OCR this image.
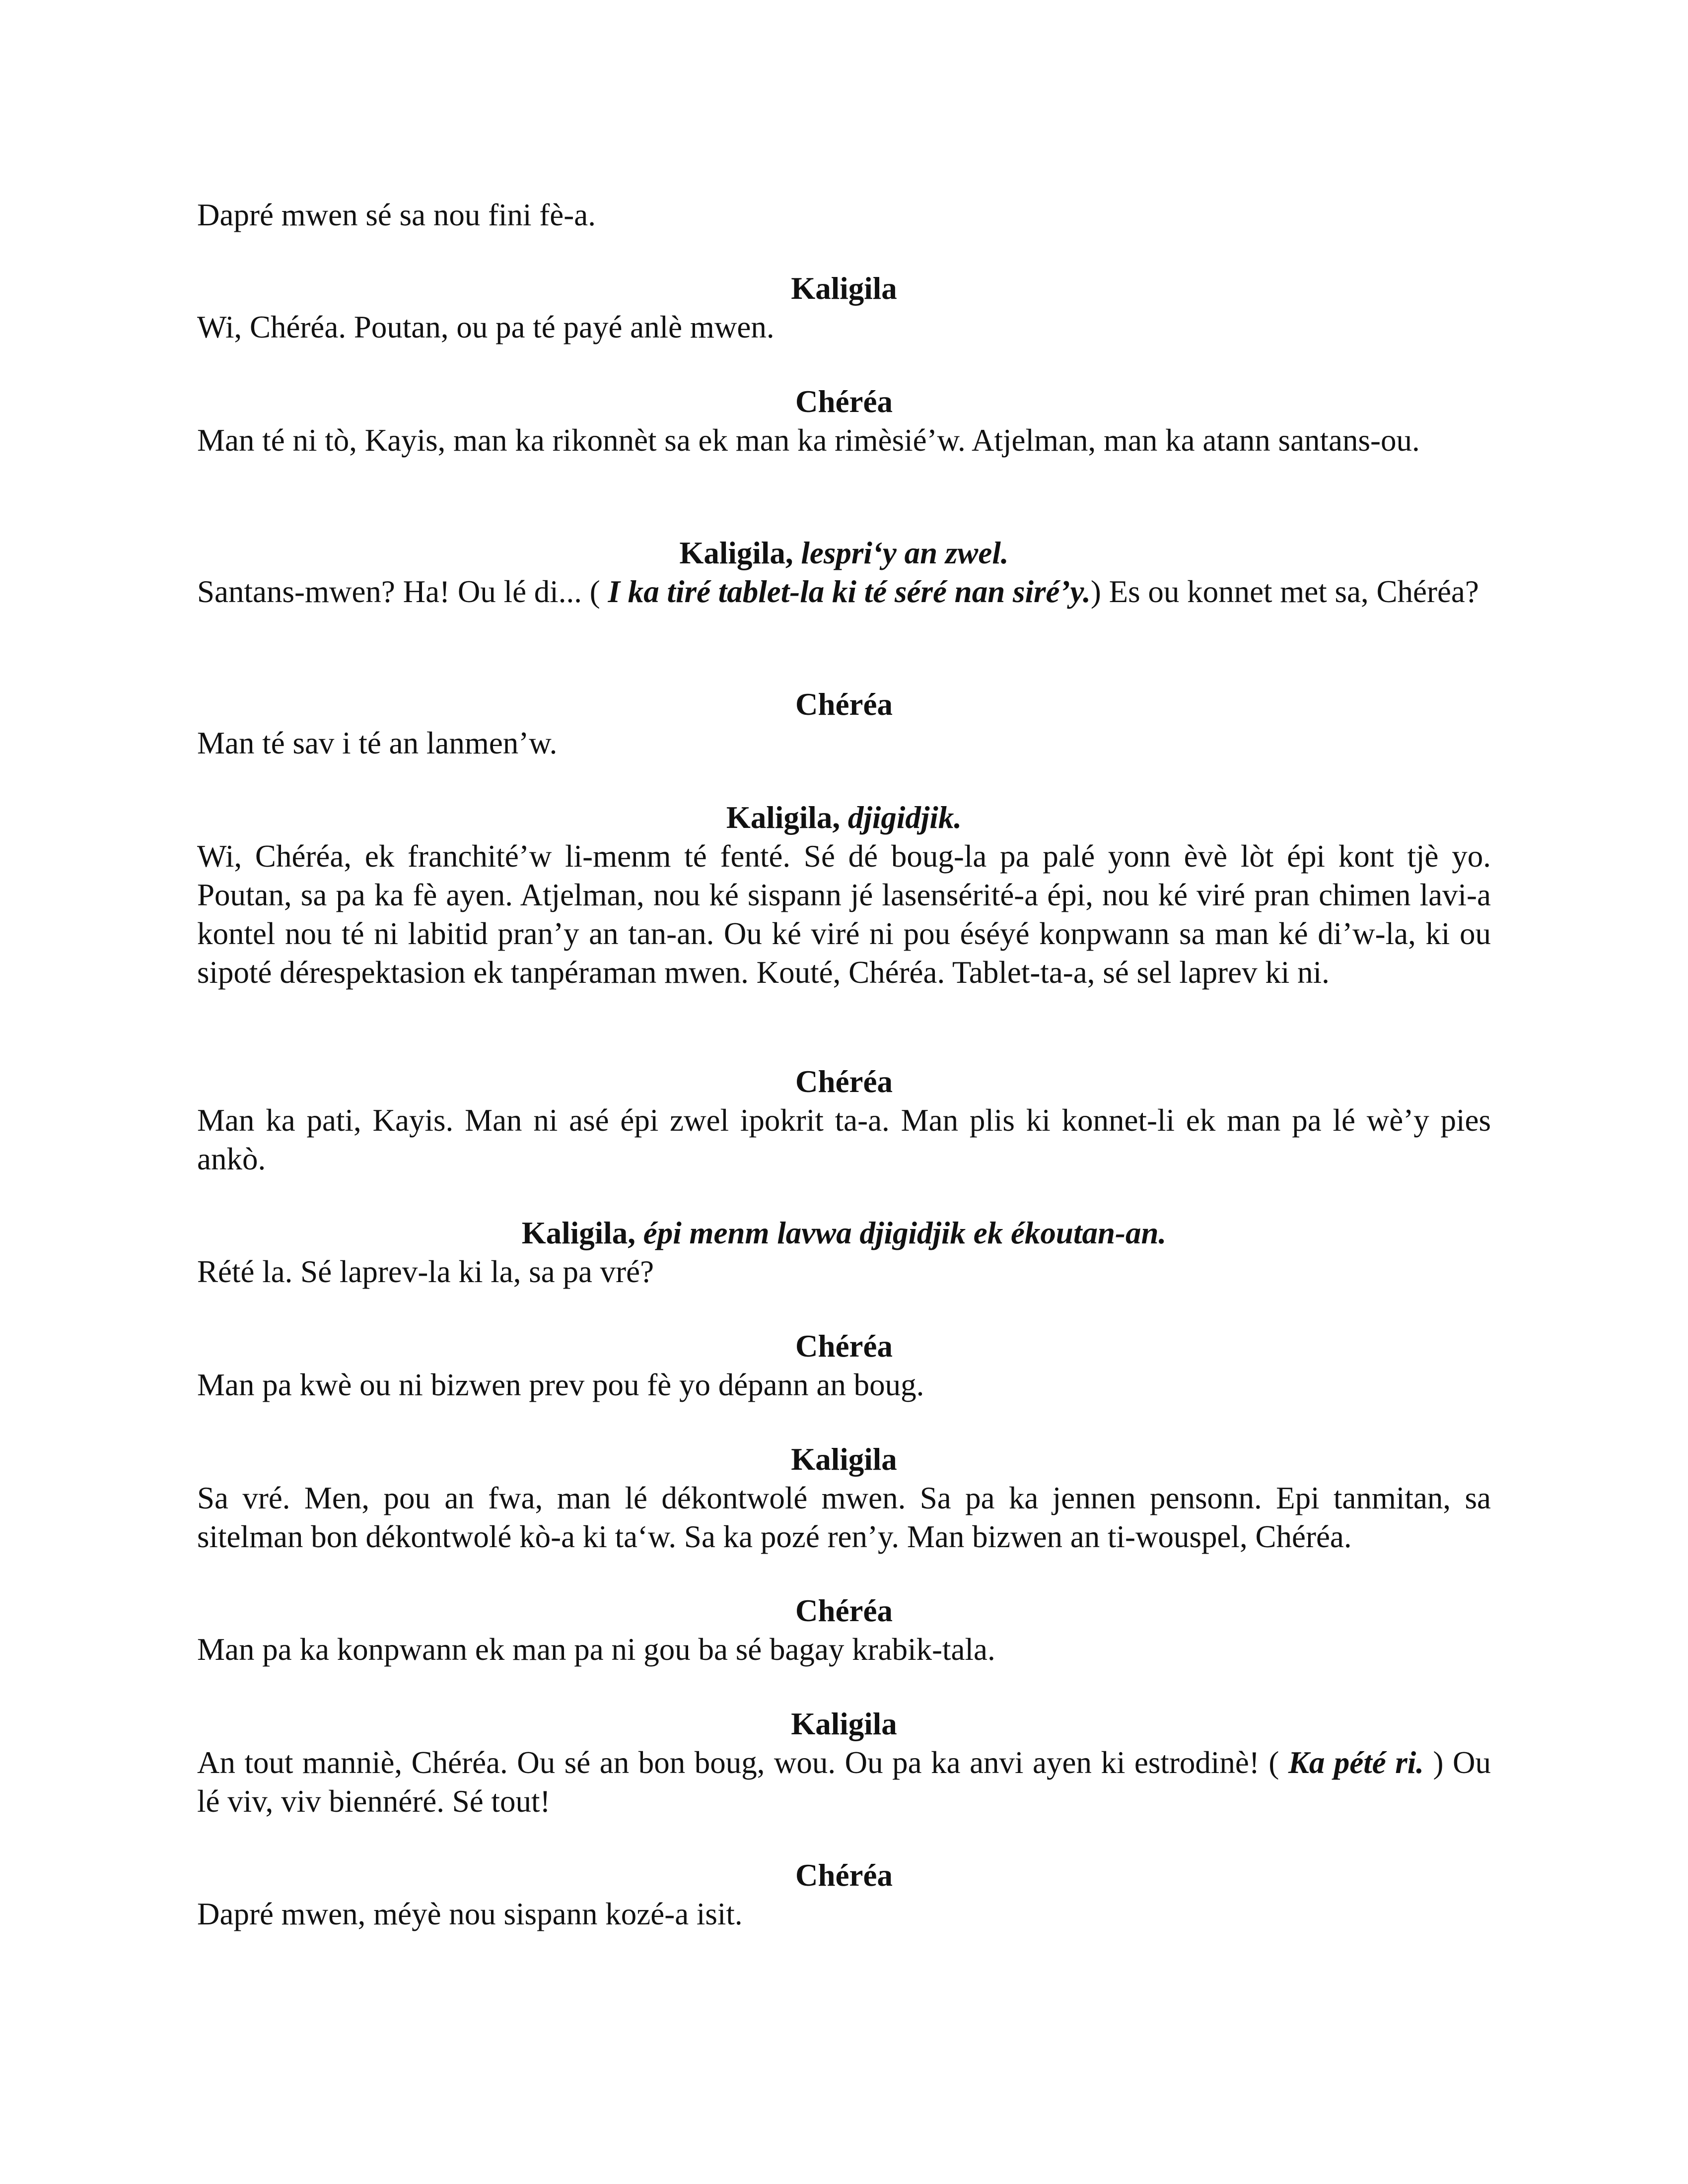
Dapré mwen sé sa nou fini fè-a.

Kaligila

Wi, Chéréa. Poutan, ou pa té payé anlè mwen.

Chéréa

Man té ni tò, Kayis, man ka rikonnèt sa ek man ka rimèsié’w. Atjelman, man ka atann santans-ou.

Kaligila, lespri‘y an zwel.

Santans-mwen? Ha! Ou lé di... ( I ka tiré tablet-la ki té séré nan siré’y.) Es ou konnet met sa, Chéréa?

Chéréa

Man té sav i té an lanmen’w.

Kaligila, djigidjik.

Wi, Chéréa, ek franchité’w li-menm té fenté. Sé dé boug-la pa palé yonn èvè lòt épi kont tjè yo. Poutan, sa pa ka fè ayen. Atjelman, nou ké sispann jé lasensérité-a épi, nou ké viré pran chimen lavi-a kontel nou té ni labitid pran’y an tan-an. Ou ké viré ni pou éséyé konpwann sa man ké di’w-la, ki ou sipoté dérespektasion ek tanpéraman mwen. Kouté, Chéréa. Tablet-ta-a, sé sel laprev ki ni.

Chéréa

Man ka pati, Kayis. Man ni asé épi zwel ipokrit ta-a. Man plis ki konnet-li ek man pa lé wè’y pies ankò.

Kaligila, épi menm lavwa djigidjik ek ékoutan-an.

Rété la. Sé laprev-la ki la, sa pa vré?

Chéréa

Man pa kwè ou ni bizwen prev pou fè yo dépann an boug.

Kaligila

Sa vré. Men, pou an fwa, man lé dékontwolé mwen. Sa pa ka jennen pensonn. Epi tanmitan, sa sitelman bon dékontwolé kò-a ki ta‘w. Sa ka pozé ren’y. Man bizwen an ti-wouspel, Chéréa.

Chéréa

Man pa ka konpwann ek man pa ni gou ba sé bagay krabik-tala.

Kaligila

An tout manniè, Chéréa. Ou sé an bon boug, wou. Ou pa ka anvi ayen ki estrodinè! ( Ka pété ri. ) Ou lé viv, viv biennéré. Sé tout!

Chéréa

Dapré mwen, méyè nou sispann kozé-a isit.
